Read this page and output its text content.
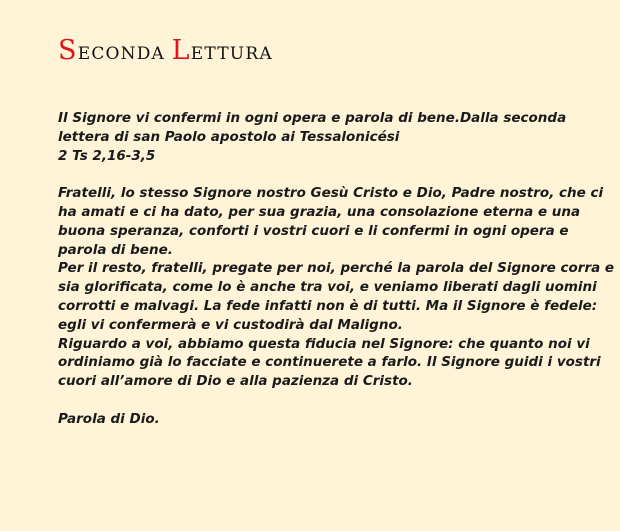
SECONDA LETTURA

Il Signore vi confermi in ogni opera e parola di bene.Dalla seconda

lettera di san Paolo apostolo ai Tessalonicési

2 Ts 2,16-3,5

Fratelli, lo stesso Signore nostro Gesù Cristo e Dio, Padre nostro, che ci

ha amati e ci ha dato, per sua grazia, una consolazione eterna e una

buona speranza, conforti i vostri cuori e li confermi in ogni opera e

parola di bene.

Per il resto, fratelli, pregate per noi, perché la parola del Signore corra e

sia glorificata, come lo è anche tra voi, e veniamo liberati dagli uomini

corrotti e malvagi. La fede infatti non è di tutti. Ma il Signore è fedele:

egli vi confermerà e vi custodirà dal Maligno.

Riguardo a voi, abbiamo questa fiducia nel Signore: che quanto noi vi

ordiniamo già lo facciate e continuerete a farlo. Il Signore guidi i vostri

cuori all’amore di Dio e alla pazienza di Cristo.

Parola di Dio.
